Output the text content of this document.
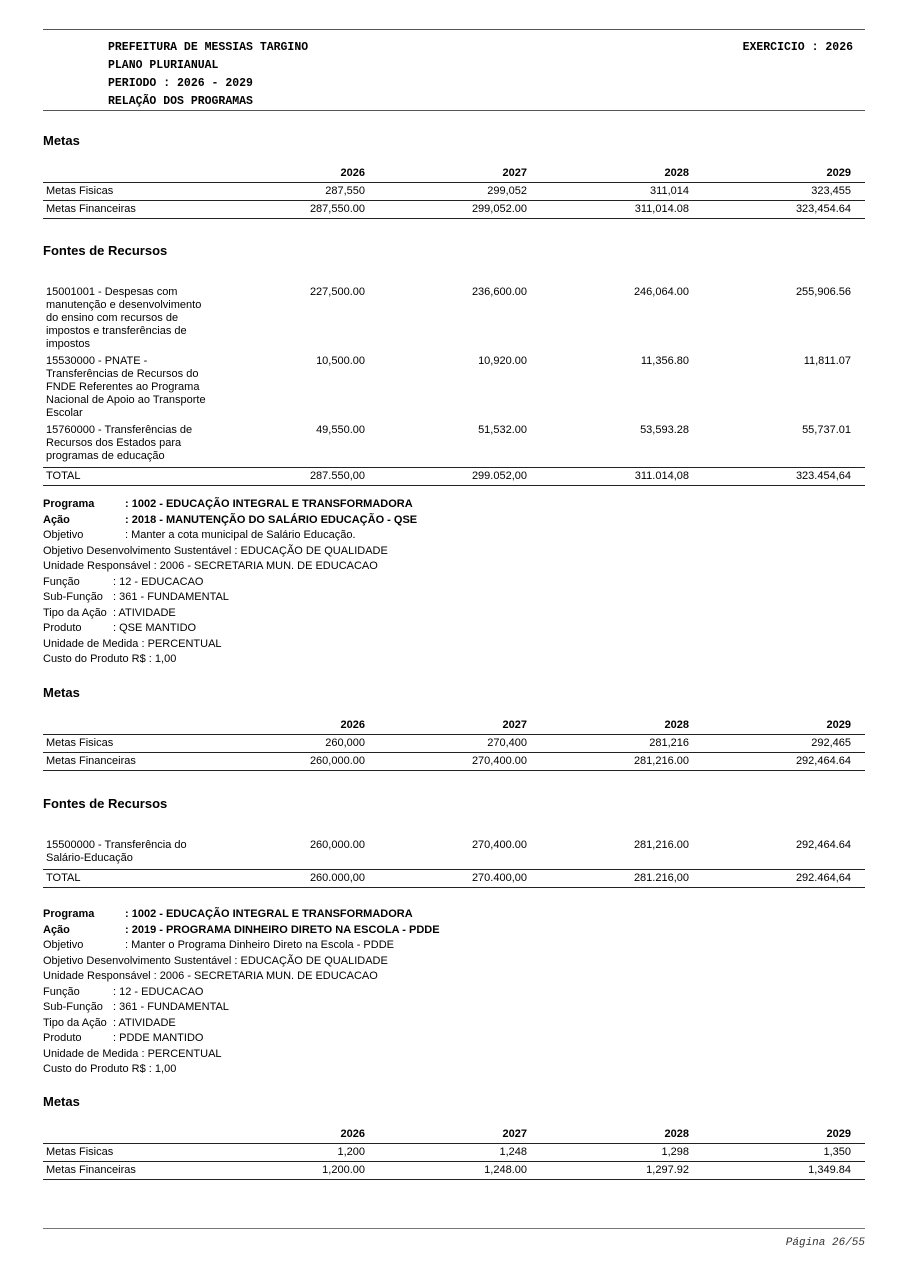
PREFEITURA DE MESSIAS TARGINO
PLANO PLURIANUAL
PERIODO : 2026 - 2029
RELAÇÃO DOS PROGRAMAS
EXERCICIO : 2026
Página 26/55
Metas
	2026	2027	2028	2029
Metas Fisicas	287,550	299,052	311,014	323,455
Metas Financeiras	287,550.00	299,052.00	311,014.08	323,454.64
Fontes de Recursos
15001001 - Despesas com manutenção e desenvolvimento do ensino com recursos de impostos e transferências de impostos	227,500.00	236,600.00	246,064.00	255,906.56

15530000 - PNATE - Transferências de Recursos do FNDE Referentes ao Programa Nacional de Apoio ao Transporte Escolar	10,500.00	10,920.00	11,356.80	11,811.07

15760000 - Transferências de Recursos dos Estados para programas de educação	49,550.00	51,532.00	53,593.28	55,737.01
TOTAL	287.550,00	299.052,00	311.014,08	323.454,64
Programa	: 1002 - EDUCAÇÃO INTEGRAL E TRANSFORMADORA
Ação	: 2018 - MANUTENÇÃO DO SALÁRIO EDUCAÇÃO - QSE
Objetivo	: Manter a cota municipal de Salário Educação.
Objetivo Desenvolvimento Sustentável : EDUCAÇÃO DE QUALIDADE
Unidade Responsável : 2006 - SECRETARIA MUN. DE EDUCACAO
Função	: 12 - EDUCACAO
Sub-Função : 361 - FUNDAMENTAL
Tipo da Ação : ATIVIDADE
Produto	: QSE MANTIDO
Unidade de Medida : PERCENTUAL
Custo do Produto R$ : 1,00
Metas
	2026	2027	2028	2029
Metas Fisicas	260,000	270,400	281,216	292,465
Metas Financeiras	260,000.00	270,400.00	281,216.00	292,464.64
Fontes de Recursos
15500000 - Transferência do Salário-Educação	260,000.00	270,400.00	281,216.00	292,464.64
TOTAL	260.000,00	270.400,00	281.216,00	292.464,64
Programa	: 1002 - EDUCAÇÃO INTEGRAL E TRANSFORMADORA
Ação	: 2019 - PROGRAMA DINHEIRO DIRETO NA ESCOLA - PDDE
Objetivo	: Manter o Programa Dinheiro Direto na Escola - PDDE
Objetivo Desenvolvimento Sustentável : EDUCAÇÃO DE QUALIDADE
Unidade Responsável : 2006 - SECRETARIA MUN. DE EDUCACAO
Função	: 12 - EDUCACAO
Sub-Função : 361 - FUNDAMENTAL
Tipo da Ação : ATIVIDADE
Produto	: PDDE MANTIDO
Unidade de Medida : PERCENTUAL
Custo do Produto R$ : 1,00
Metas
	2026	2027	2028	2029
Metas Fisicas	1,200	1,248	1,298	1,350
Metas Financeiras	1,200.00	1,248.00	1,297.92	1,349.84
